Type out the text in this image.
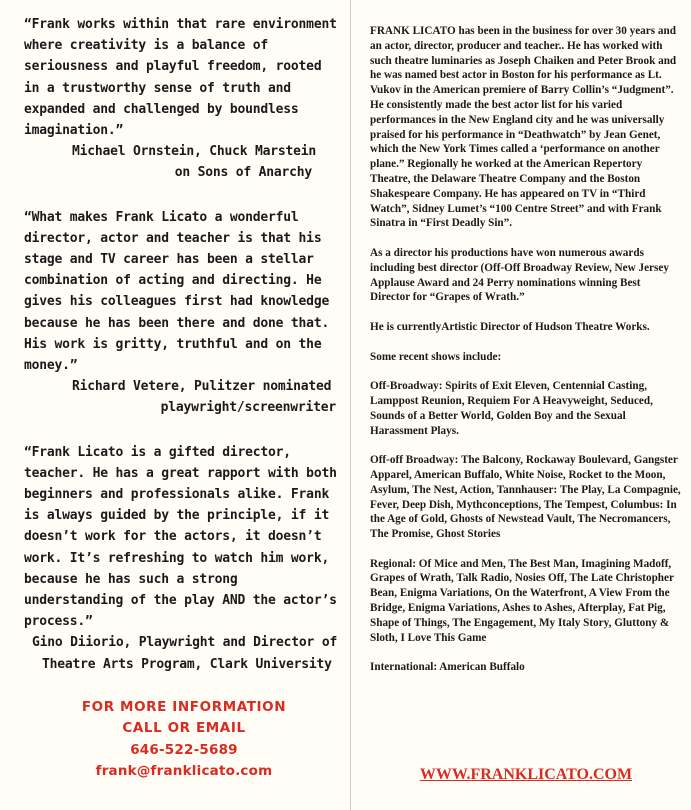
“Frank works within that rare environment where creativity is a balance of seriousness and playful freedom, rooted in a trustworthy sense of truth and expanded and challenged by boundless imagination.”

Michael Ornstein, Chuck Marstein
on Sons of Anarchy

“What makes Frank Licato a wonderful director, actor and teacher is that his stage and TV career has been a stellar combination of acting and directing. He gives his colleagues first had knowledge because he has been there and done that. His work is gritty, truthful and on the money.”

Richard Vetere, Pulitzer nominated
playwright/screenwriter

“Frank Licato is a gifted director, teacher. He has a great rapport with both beginners and professionals alike. Frank is always guided by the principle, if it doesn’t work for the actors, it doesn’t work. It’s refreshing to watch him work, because he has such a strong understanding of the play AND the actor’s process.”

Gino Diiorio, Playwright and Director of
Theatre Arts Program, Clark University

FOR MORE INFORMATION
CALL OR EMAIL
646-522-5689
frank@franklicato.com

FRANK LICATO has been in the business for over 30 years and an actor, director, producer and teacher.. He has worked with such theatre luminaries as Joseph Chaiken and Peter Brook and he was named best actor in Boston for his performance as Lt. Vukov in the American premiere of Barry Collin’s “Judgment”. He consistently made the best actor list for his varied performances in the New England city and he was universally praised for his performance in “Deathwatch” by Jean Genet, which the New York Times called a ‘performance on another plane.” Regionally he worked at the American Repertory Theatre, the Delaware Theatre Company and the Boston Shakespeare Company. He has appeared on TV in “Third Watch”, Sidney Lumet’s “100 Centre Street” and with Frank Sinatra in “First Deadly Sin”.

As a director his productions have won numerous awards including best director (Off-Off Broadway Review, New Jersey Applause Award and 24 Perry nominations winning Best Director for “Grapes of Wrath.”

He is currentlyArtistic Director of Hudson Theatre Works.

Some recent shows include:

Off-Broadway: Spirits of Exit Eleven, Centennial Casting, Lamppost Reunion, Requiem For A Heavyweight, Seduced, Sounds of a Better World, Golden Boy and the Sexual Harassment Plays.

Off-off Broadway: The Balcony, Rockaway Boulevard, Gangster Apparel, American Buffalo, White Noise, Rocket to the Moon, Asylum, The Nest, Action, Tannhauser: The Play, La Compagnie, Fever, Deep Dish, Mythconceptions, The Tempest, Columbus: In the Age of Gold, Ghosts of Newstead Vault, The Necromancers, The Promise, Ghost Stories

Regional: Of Mice and Men, The Best Man, Imagining Madoff, Grapes of Wrath, Talk Radio, Nosies Off, The Late Christopher Bean, Enigma Variations, On the Waterfront, A View From the Bridge, Enigma Variations, Ashes to Ashes, Afterplay, Fat Pig, Shape of Things, The Engagement, My Italy Story, Gluttony & Sloth, I Love This Game

International: American Buffalo

WWW.FRANKLICATO.COM
